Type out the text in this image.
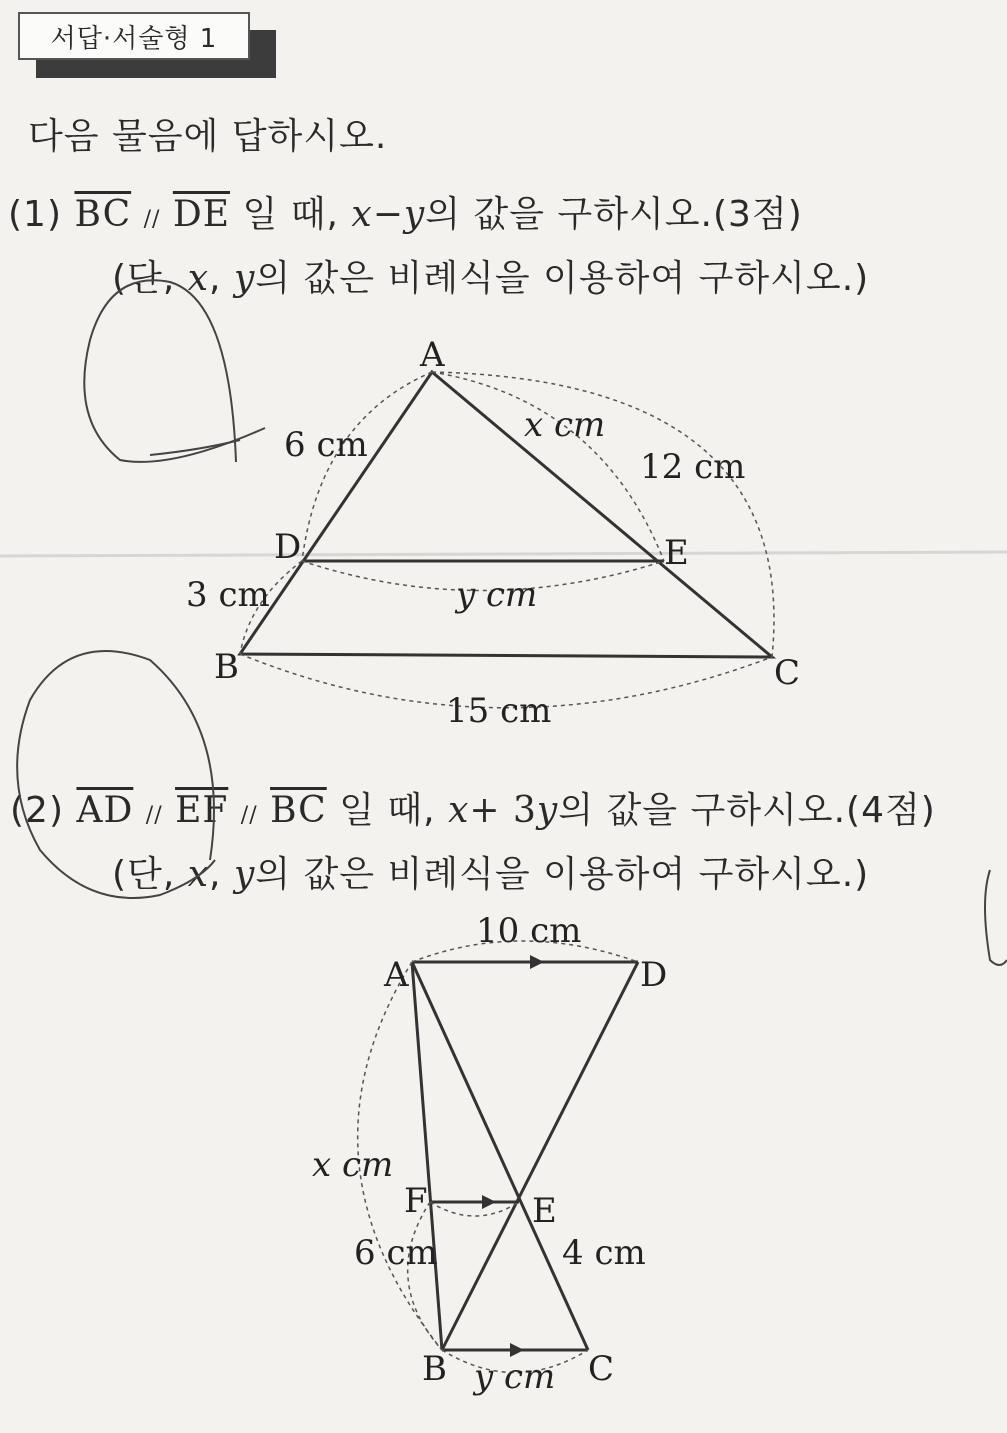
서답·서술형 1
다음 물음에 답하시오.
(1) $\overline{BC} // \overline{DE}$ 일 때, x−y의 값을 구하시오.(3점)
(단, x, y의 값은 비례식을 이용하여 구하시오.)
(2) $\overline{AD} // \overline{EF} // \overline{BC}$ 일 때, x+ 3y의 값을 구하시오.(4점)
(단, x, y의 값은 비례식을 이용하여 구하시오.)
A
B	C
D	E
6 cm	x cm
12 cm
3 cm	y cm
15 cm
A	D
F	E
B	C
10 cm
x cm
6 cm	4 cm
y cm
